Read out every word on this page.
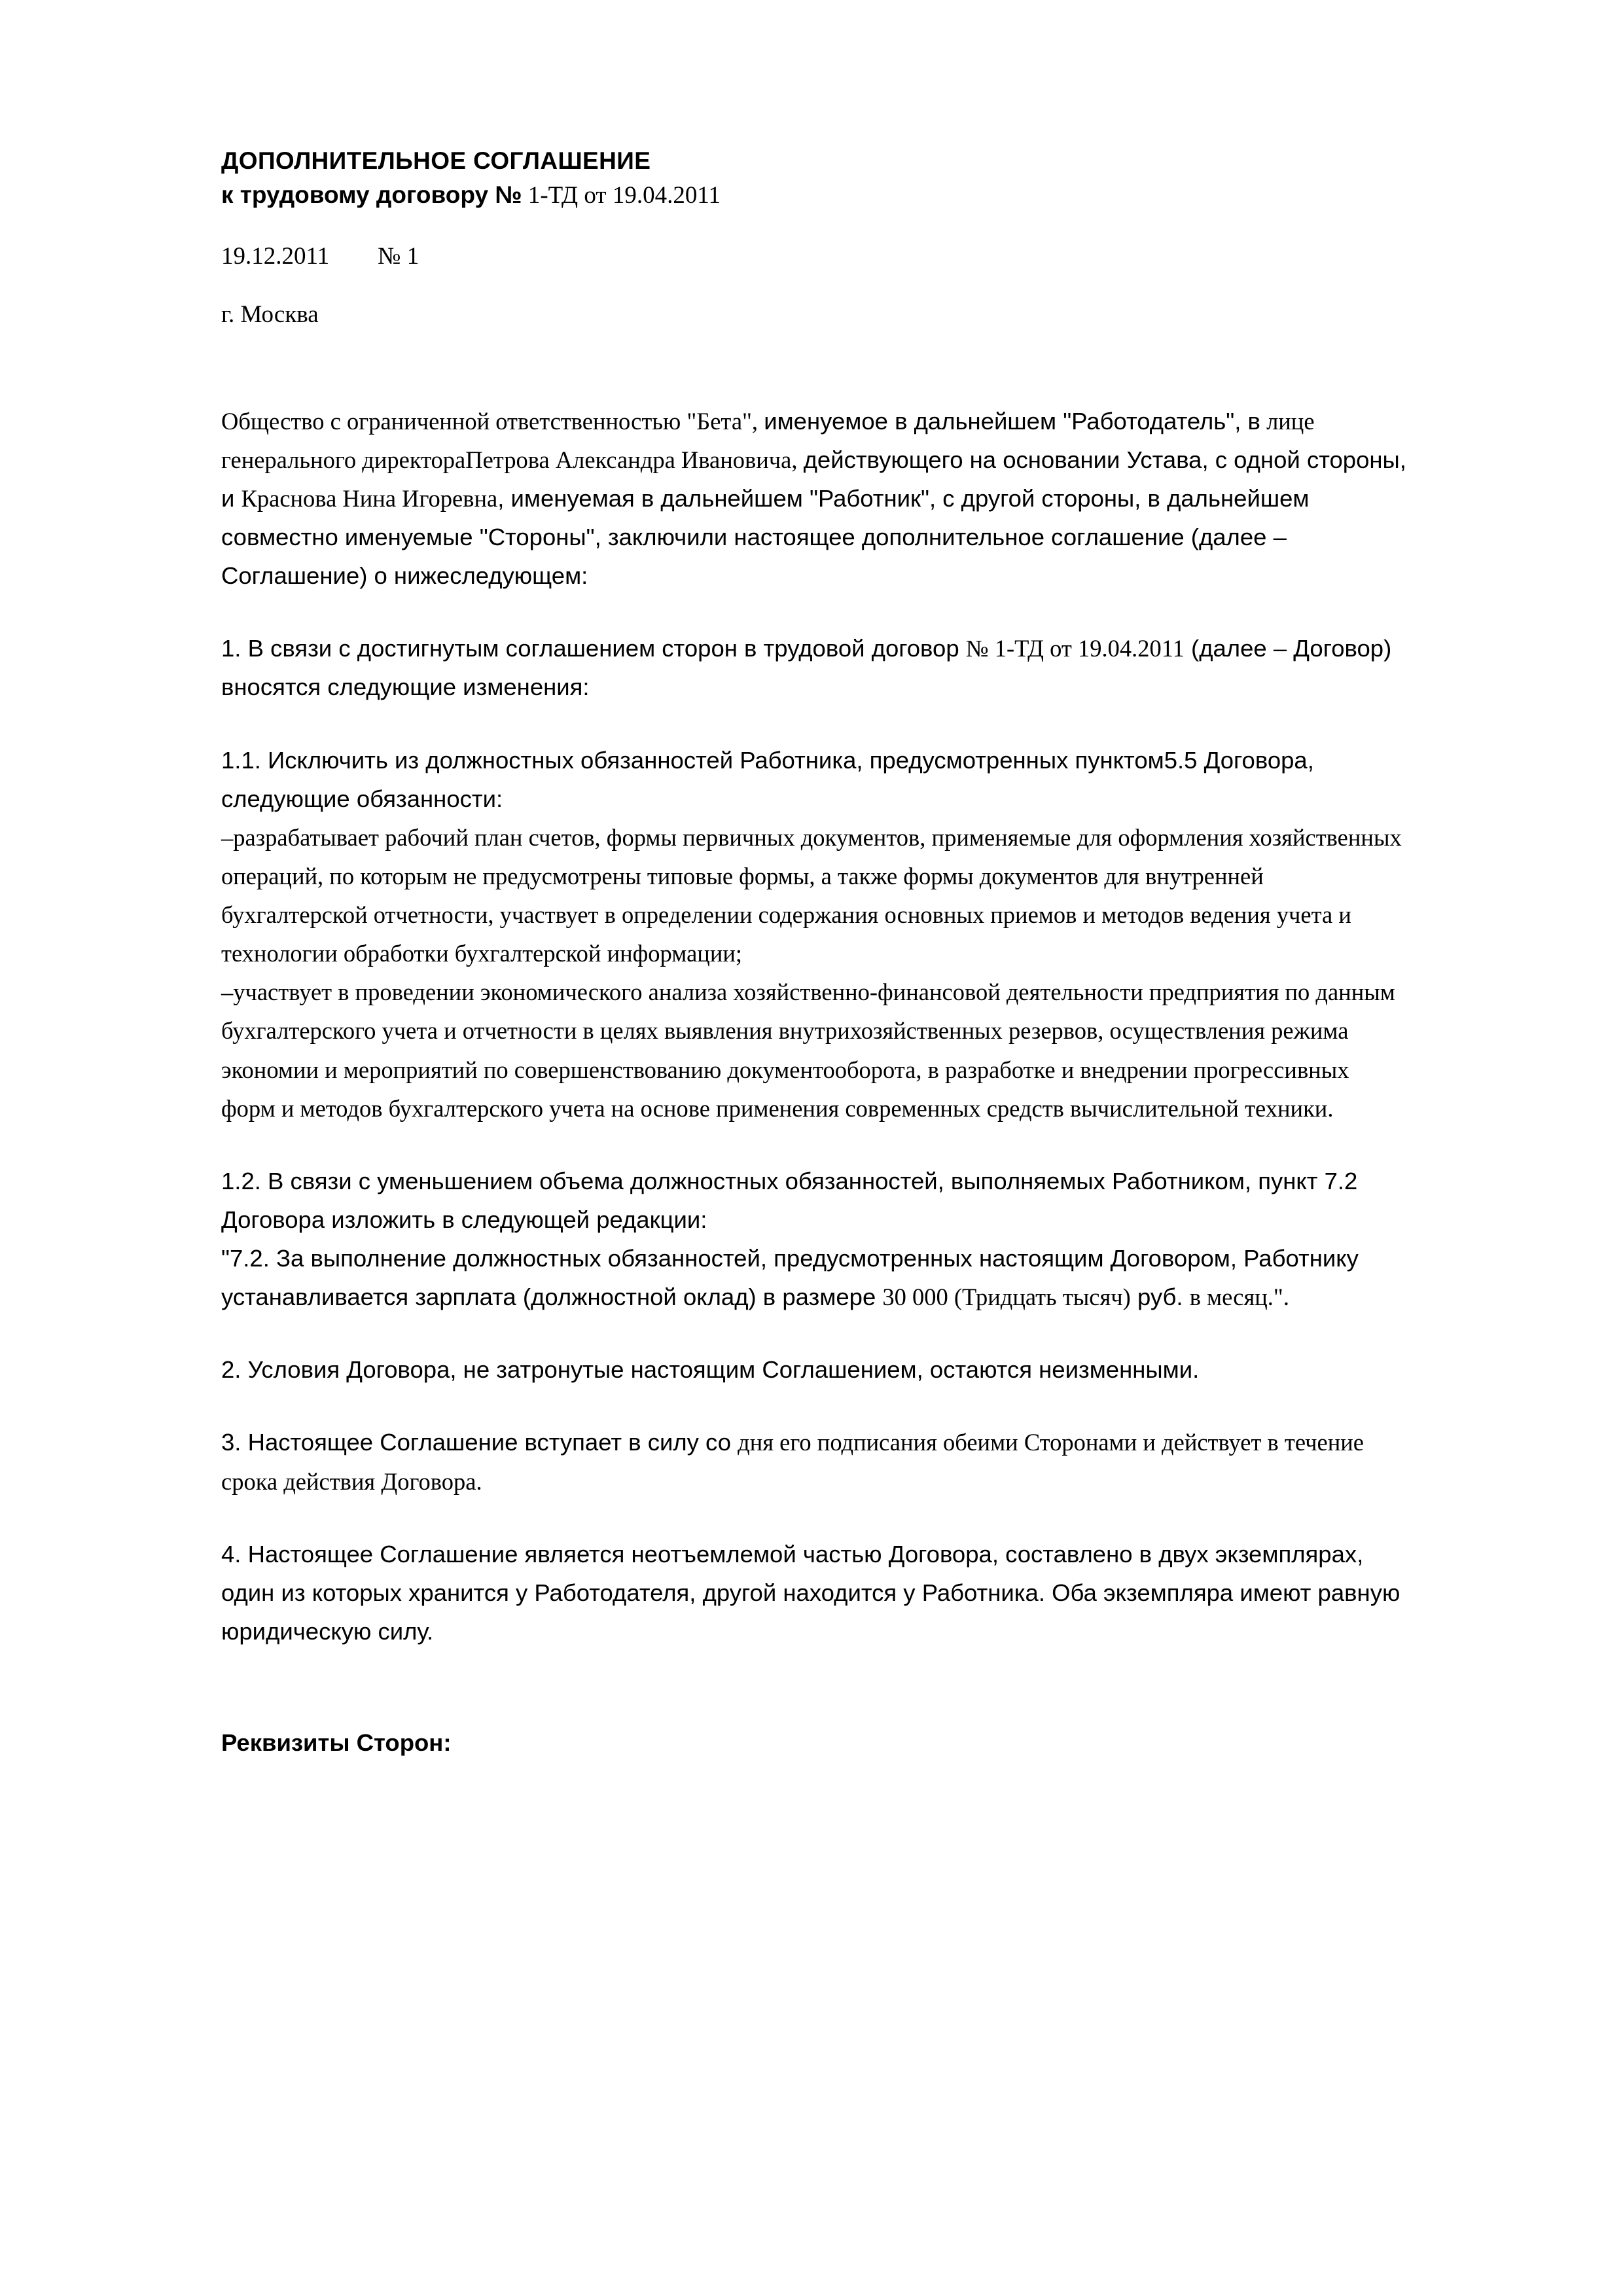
ДОПОЛНИТЕЛЬНОЕ СОГЛАШЕНИЕ
к трудовому договору № 1-ТД от 19.04.2011
19.12.2011 № 1
г. Москва

Общество с ограниченной ответственностью "Бета", именуемое в дальнейшем "Работодатель", в лице генерального директораПетрова Александра Ивановича, действующего на основании Устава, с одной стороны, и Краснова Нина Игоревна, именуемая в дальнейшем "Работник", с другой стороны, в дальнейшем совместно именуемые "Стороны", заключили настоящее дополнительное соглашение (далее – Соглашение) о нижеследующем:

1. В связи с достигнутым соглашением сторон в трудовой договор № 1-ТД от 19.04.2011 (далее – Договор) вносятся следующие изменения:

1.1. Исключить из должностных обязанностей Работника, предусмотренных пунктом5.5 Договора, следующие обязанности:

–разрабатывает рабочий план счетов, формы первичных документов, применяемые для оформления хозяйственных операций, по которым не предусмотрены типовые формы, а также формы документов для внутренней бухгалтерской отчетности, участвует в определении содержания основных приемов и методов ведения учета и технологии обработки бухгалтерской информации;

–участвует в проведении экономического анализа хозяйственно-финансовой деятельности предприятия по данным бухгалтерского учета и отчетности в целях выявления внутрихозяйственных резервов, осуществления режима экономии и мероприятий по совершенствованию документооборота, в разработке и внедрении прогрессивных форм и методов бухгалтерского учета на основе применения современных средств вычислительной техники.

1.2. В связи с уменьшением объема должностных обязанностей, выполняемых Работником, пункт 7.2 Договора изложить в следующей редакции:

"7.2. За выполнение должностных обязанностей, предусмотренных настоящим Договором, Работнику устанавливается зарплата (должностной оклад) в размере 30 000 (Тридцать тысяч) руб. в месяц.".

2. Условия Договора, не затронутые настоящим Соглашением, остаются неизменными.

3. Настоящее Соглашение вступает в силу со дня его подписания обеими Сторонами и действует в течение срока действия Договора.

4. Настоящее Соглашение является неотъемлемой частью Договора, составлено в двух экземплярах, один из которых хранится у Работодателя, другой находится у Работника. Оба экземпляра имеют равную юридическую силу.

Реквизиты Сторон:
